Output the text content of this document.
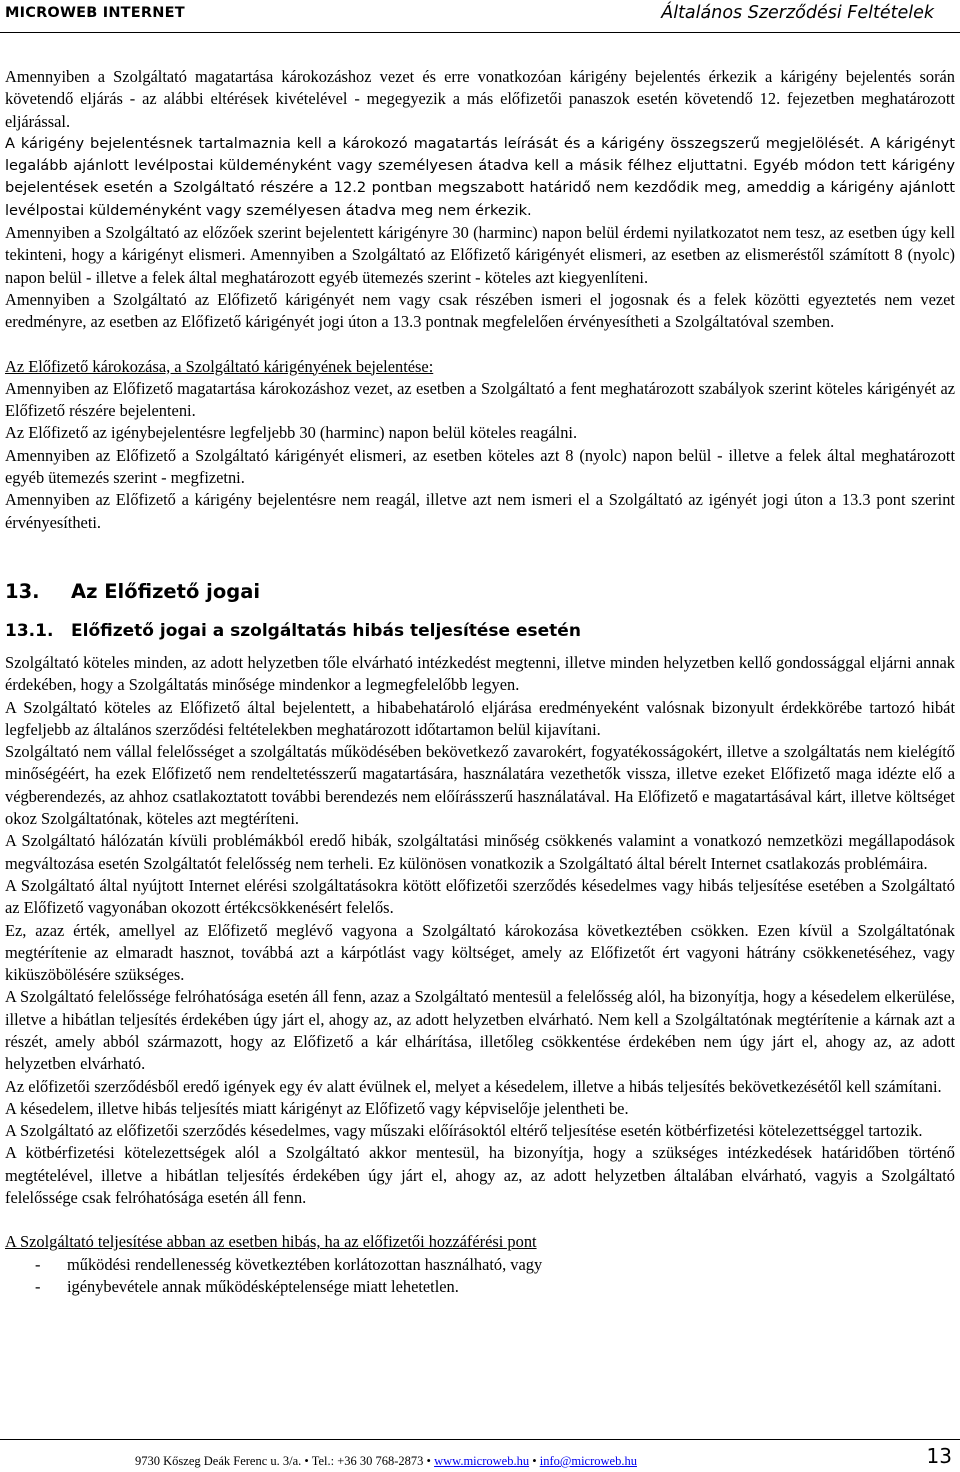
MICROWEB INTERNET	Általános Szerződési Feltételek

Amennyiben a Szolgáltató magatartása károkozáshoz vezet és erre vonatkozóan kárigény bejelentés érkezik a kárigény bejelentés során követendő eljárás - az alábbi eltérések kivételével - megegyezik a más előfizetői panaszok esetén követendő 12. fejezetben meghatározott eljárással.

A kárigény bejelentésnek tartalmaznia kell a károkozó magatartás leírását és a kárigény összegszerű megjelölését. A kárigényt legalább ajánlott levélpostai küldeményként vagy személyesen átadva kell a másik félhez eljuttatni. Egyéb módon tett kárigény bejelentések esetén a Szolgáltató részére a 12.2 pontban megszabott határidő nem kezdődik meg, ameddig a kárigény ajánlott levélpostai küldeményként vagy személyesen átadva meg nem érkezik.

Amennyiben a Szolgáltató az előzőek szerint bejelentett kárigényre 30 (harminc) napon belül érdemi nyilatkozatot nem tesz, az esetben úgy kell tekinteni, hogy a kárigényt elismeri. Amennyiben a Szolgáltató az Előfizető kárigényét elismeri, az esetben az elismeréstől számított 8 (nyolc) napon belül - illetve a felek által meghatározott egyéb ütemezés szerint - köteles azt kiegyenlíteni.

Amennyiben a Szolgáltató az Előfizető kárigényét nem vagy csak részében ismeri el jogosnak és a felek közötti egyeztetés nem vezet eredményre, az esetben az Előfizető kárigényét jogi úton a 13.3 pontnak megfelelően érvényesítheti a Szolgáltatóval szemben.

Az Előfizető károkozása, a Szolgáltató kárigényének bejelentése:

Amennyiben az Előfizető magatartása károkozáshoz vezet, az esetben a Szolgáltató a fent meghatározott szabályok szerint köteles kárigényét az Előfizető részére bejelenteni.

Az Előfizető az igénybejelentésre legfeljebb 30 (harminc) napon belül köteles reagálni.

Amennyiben az Előfizető a Szolgáltató kárigényét elismeri, az esetben köteles azt 8 (nyolc) napon belül - illetve a felek által meghatározott egyéb ütemezés szerint - megfizetni.

Amennyiben az Előfizető a kárigény bejelentésre nem reagál, illetve azt nem ismeri el a Szolgáltató az igényét jogi úton a 13.3 pont szerint érvényesítheti.

13.	Az Előfizető jogai
13.1.	Előfizető jogai a szolgáltatás hibás teljesítése esetén

Szolgáltató köteles minden, az adott helyzetben tőle elvárható intézkedést megtenni, illetve minden helyzetben kellő gondossággal eljárni annak érdekében, hogy a Szolgáltatás minősége mindenkor a legmegfelelőbb legyen.

A Szolgáltató köteles az Előfizető által bejelentett, a hibabehatároló eljárása eredményeként valósnak bizonyult érdekkörébe tartozó hibát legfeljebb az általános szerződési feltételekben meghatározott időtartamon belül kijavítani.

Szolgáltató nem vállal felelősséget a szolgáltatás működésében bekövetkező zavarokért, fogyatékosságokért, illetve a szolgáltatás nem kielégítő minőségéért, ha ezek Előfizető nem rendeltetésszerű magatartására, használatára vezethetők vissza, illetve ezeket Előfizető maga idézte elő a végberendezés, az ahhoz csatlakoztatott további berendezés nem előírásszerű használatával. Ha Előfizető e magatartásával kárt, illetve költséget okoz Szolgáltatónak, köteles azt megtéríteni.

A Szolgáltató hálózatán kívüli problémákból eredő hibák, szolgáltatási minőség csökkenés valamint a vonatkozó nemzetközi megállapodások megváltozása esetén Szolgáltatót felelősség nem terheli. Ez különösen vonatkozik a Szolgáltató által bérelt Internet csatlakozás problémáira.

A Szolgáltató által nyújtott Internet elérési szolgáltatásokra kötött előfizetői szerződés késedelmes vagy hibás teljesítése esetében a Szolgáltató az Előfizető vagyonában okozott értékcsökkenésért felelős.

Ez, azaz érték, amellyel az Előfizető meglévő vagyona a Szolgáltató károkozása következtében csökken. Ezen kívül a Szolgáltatónak megtérítenie az elmaradt hasznot, továbbá azt a kárpótlást vagy költséget, amely az Előfizetőt ért vagyoni hátrány csökkenetéséhez, vagy kiküszöbölésére szükséges.

A Szolgáltató felelőssége felróhatósága esetén áll fenn, azaz a Szolgáltató mentesül a felelősség alól, ha bizonyítja, hogy a késedelem elkerülése, illetve a hibátlan teljesítés érdekében úgy járt el, ahogy az, az adott helyzetben elvárható. Nem kell a Szolgáltatónak megtérítenie a kárnak azt a részét, amely abból származott, hogy az Előfizető a kár elhárítása, illetőleg csökkentése érdekében nem úgy járt el, ahogy az, az adott helyzetben elvárható.

Az előfizetői szerződésből eredő igények egy év alatt évülnek el, melyet a késedelem, illetve a hibás teljesítés bekövetkezésétől kell számítani.

A késedelem, illetve hibás teljesítés miatt kárigényt az Előfizető vagy képviselője jelentheti be.

A Szolgáltató az előfizetői szerződés késedelmes, vagy műszaki előírásoktól eltérő teljesítése esetén kötbérfizetési kötelezettséggel tartozik.

A kötbérfizetési kötelezettségek alól a Szolgáltató akkor mentesül, ha bizonyítja, hogy a szükséges intézkedések határidőben történő megtételével, illetve a hibátlan teljesítés érdekében úgy járt el, ahogy az, az adott helyzetben általában elvárható, vagyis a Szolgáltató felelőssége csak felróhatósága esetén áll fenn.

A Szolgáltató teljesítése abban az esetben hibás, ha az előfizetői hozzáférési pont

-	működési rendellenesség következtében korlátozottan használható, vagy
-	igénybevétele annak működésképtelensége miatt lehetetlen.
9730 Kőszeg Deák Ferenc u. 3/a. • Tel.: +36 30 768-2873 • www.microweb.hu • info@microweb.hu	13
